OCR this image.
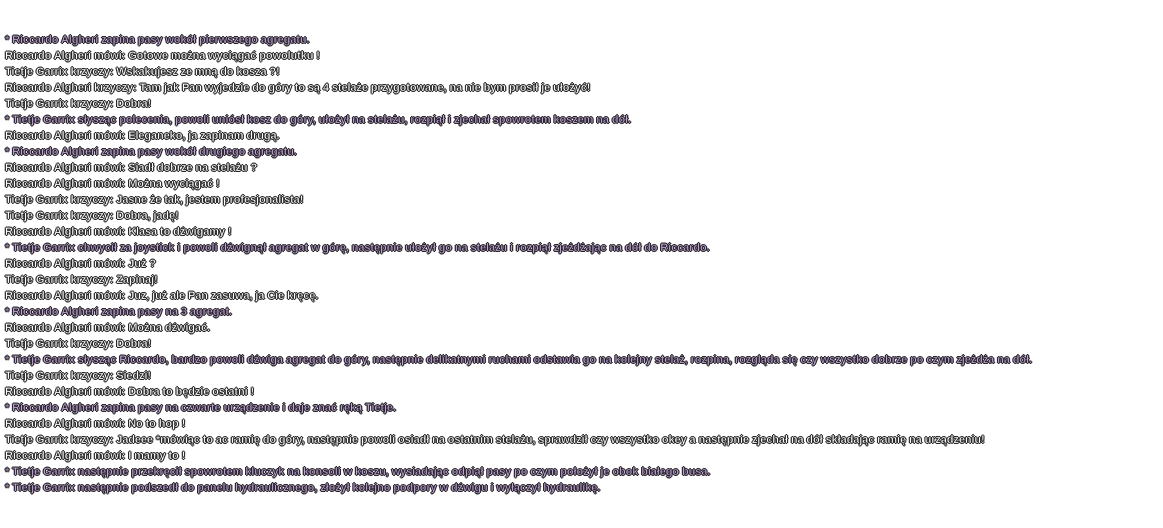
* Riccardo Algheri zapina pasy wokół pierwszego agregatu.
Riccardo Algheri mówi: Gotowe można wyciągać powolutku !
Tietje Garrix krzyczy: Wskakujesz ze mną do kosza ?!
Riccardo Algheri krzyczy: Tam jak Pan wyjedzie do góry to są 4 stelaże przygotowane, na nie bym prosił je ułożyć!
Tietje Garrix krzyczy: Dobra!
* Tietje Garrix słysząc polecenia, powoli uniósł kosz do góry, ułożył na stelażu, rozpiął i zjechał spowrotem koszem na dół.
Riccardo Algheri mówi: Eleganeko, ja zapinam drugą.
* Riccardo Algheri zapina pasy wokół drugiego agregatu.
Riccardo Algheri mówi: Siadł dobrze na stelażu ?
Riccardo Algheri mówi: Można wyciągać !
Tietje Garrix krzyczy: Jasne że tak, jestem profesjonalista!
Tietje Garrix krzyczy: Dobra, jadę!
Riccardo Algheri mówi: Klasa to dźwigamy !
* Tietje Garrix chwycił za joystick i powoli dźwignął agregat w górę, następnie ułożył go na stelażu i rozpiął zjeżdżając na dół do Riccardo.
Riccardo Algheri mówi: Już ?
Tietje Garrix krzyczy: Zapinaj!
Riccardo Algheri mówi: Juz, już ale Pan zasuwa, ja Cie kręcę.
* Riccardo Algheri zapina pasy na 3 agregat.
Riccardo Algheri mówi: Można dźwigać.
Tietje Garrix krzyczy: Dobra!
* Tietje Garrix słysząc Riccardo, bardzo powoli dźwiga agregat do góry, następnie delikatnymi ruchami odstawia go na kolejny stelaż, rozpina, rozgląda się czy wszystko dobrze po czym zjeżdża na dół.
Tietje Garrix krzyczy: Siedzi!
Riccardo Algheri mówi: Dobra to będzie ostatni !
* Riccardo Algheri zapina pasy na czwarte urządzenie i daje znać ręką Tietje.
Riccardo Algheri mówi: No to hop !
Tietje Garrix krzyczy: Jadeee *mówiąc to ac ramię do góry, następnie powoli osiadł na ostatnim stelażu, sprawdził czy wszystko okey a następnie zjechał na dół składając ramię na urządzeniu!
Riccardo Algheri mówi: I mamy to !
* Tietje Garrix następnie przekręcił spowrotem kluczyk na konsoli w koszu, wysiadając odpiął pasy po czym położył je obok białego busa.
* Tietje Garrix następnie podszedł do panelu hydraulicznego, złożył kolejno podpory w dźwigu i wyłączył hydraulikę.
